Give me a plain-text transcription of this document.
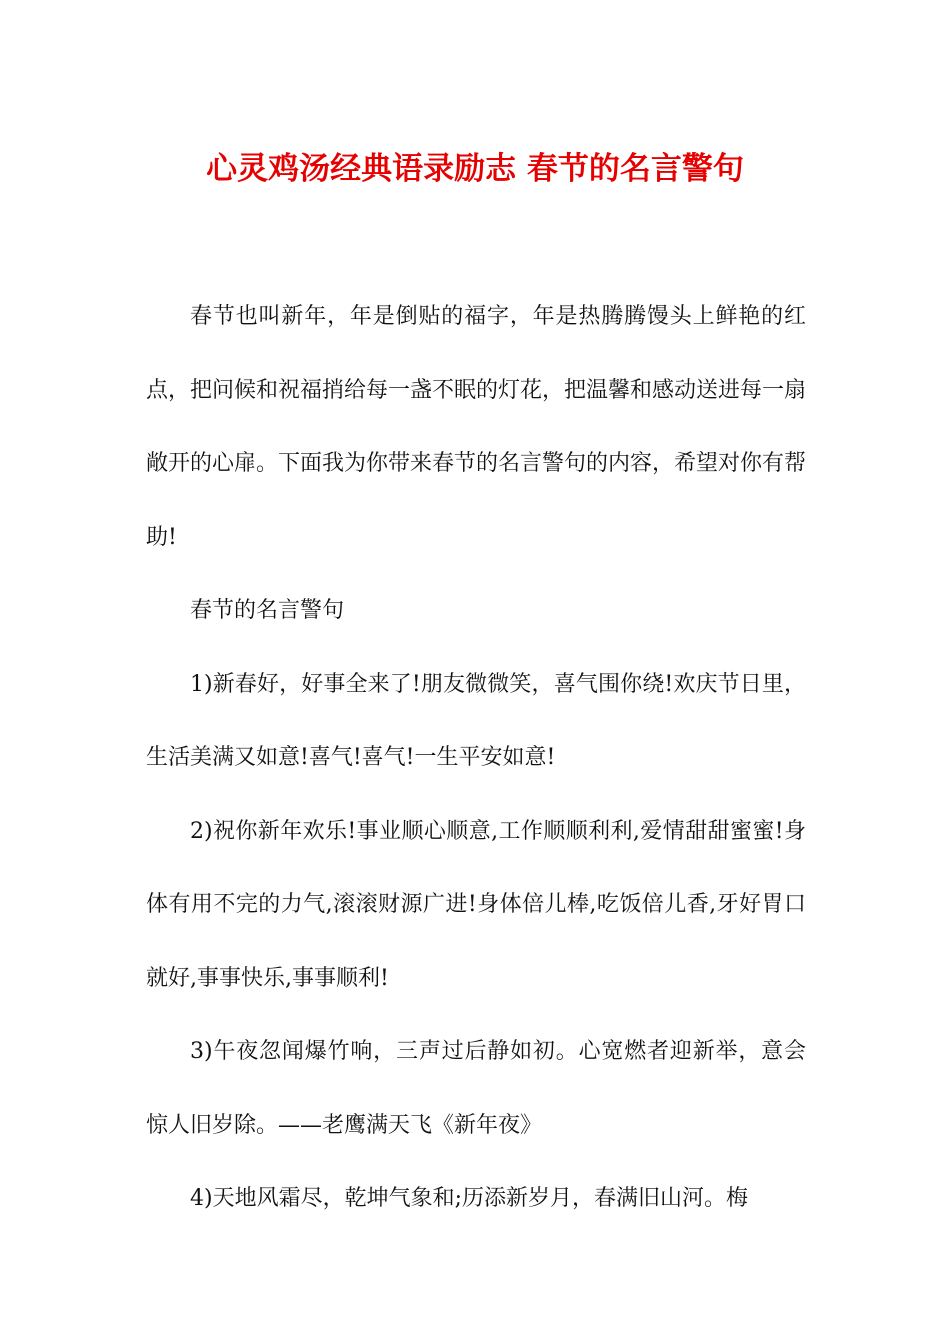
心灵鸡汤经典语录励志 春节的名言警句

春节也叫新年，年是倒贴的福字，年是热腾腾馒头上鲜艳的红点，把问候和祝福捎给每一盏不眠的灯花，把温馨和感动送进每一扇敞开的心扉。下面我为你带来春节的名言警句的内容，希望对你有帮助!

春节的名言警句

1)新春好，好事全来了!朋友微微笑，喜气围你绕!欢庆节日里，生活美满又如意!喜气!喜气!一生平安如意!

2)祝你新年欢乐!事业顺心顺意,工作顺顺利利,爱情甜甜蜜蜜!身体有用不完的力气,滚滚财源广进!身体倍儿棒,吃饭倍儿香,牙好胃口就好,事事快乐,事事顺利!

3)午夜忽闻爆竹响，三声过后静如初。心宽燃者迎新举，意会惊人旧岁除。——老鹰满天飞《新年夜》

4)天地风霜尽，乾坤气象和;历添新岁月，春满旧山河。梅
